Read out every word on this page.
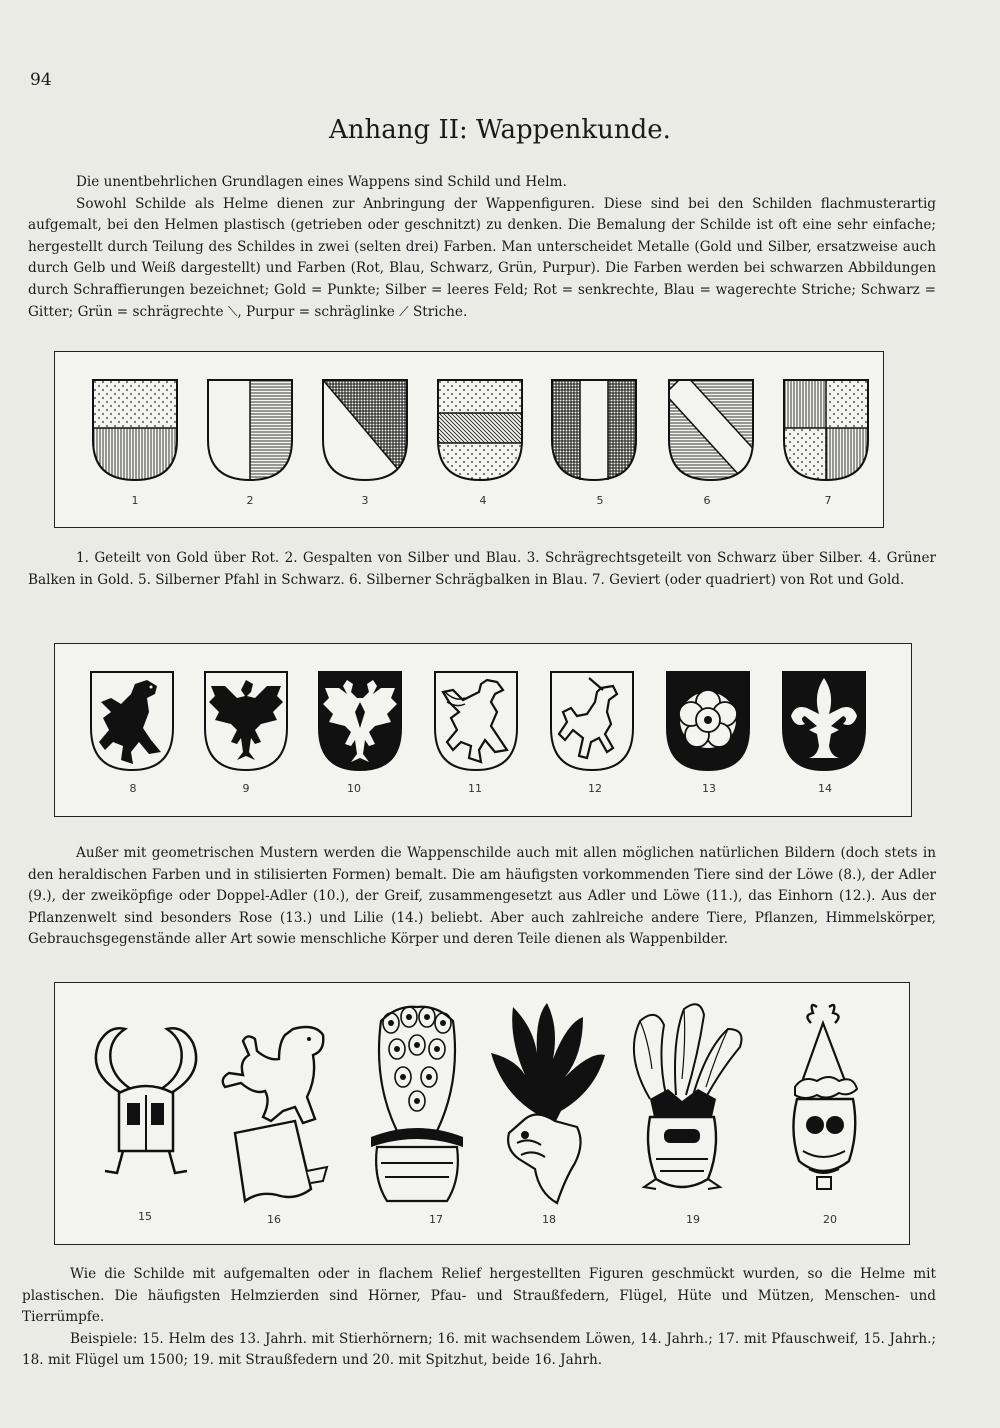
94
Anhang II: Wappenkunde.

Die unentbehrlichen Grundlagen eines Wappens sind Schild und Helm.

Sowohl Schilde als Helme dienen zur Anbringung der Wappenfiguren. Diese sind bei den Schilden flachmusterartig aufgemalt, bei den Helmen plastisch (getrieben oder geschnitzt) zu denken. Die Bemalung der Schilde ist oft eine sehr einfache; hergestellt durch Teilung des Schildes in zwei (selten drei) Farben. Man unterscheidet Metalle (Gold und Silber, ersatzweise auch durch Gelb und Weiß dargestellt) und Farben (Rot, Blau, Schwarz, Grün, Purpur). Die Farben werden bei schwarzen Abbildungen durch Schraffierungen bezeichnet; Gold = Punkte; Silber = leeres Feld; Rot = senkrechte, Blau = wagerechte Striche; Schwarz = Gitter; Grün = schrägrechte ⟍, Purpur = schräglinke ⟋ Striche.

1	2	3	4	5	6	7

1. Geteilt von Gold über Rot. 2. Gespalten von Silber und Blau. 3. Schrägrechtsgeteilt von Schwarz über Silber. 4. Grüner Balken in Gold. 5. Silberner Pfahl in Schwarz. 6. Silberner Schrägbalken in Blau. 7. Geviert (oder quadriert) von Rot und Gold.

8	9	10	11	12	13	14

Außer mit geometrischen Mustern werden die Wappenschilde auch mit allen möglichen natürlichen Bildern (doch stets in den heraldischen Farben und in stilisierten Formen) bemalt. Die am häufigsten vorkommenden Tiere sind der Löwe (8.), der Adler (9.), der zweiköpfige oder Doppel-Adler (10.), der Greif, zusammengesetzt aus Adler und Löwe (11.), das Einhorn (12.). Aus der Pflanzenwelt sind besonders Rose (13.) und Lilie (14.) beliebt. Aber auch zahlreiche andere Tiere, Pflanzen, Himmelskörper, Gebrauchsgegenstände aller Art sowie menschliche Körper und deren Teile dienen als Wappenbilder.

15	16	17	18	19	20

Wie die Schilde mit aufgemalten oder in flachem Relief hergestellten Figuren geschmückt wurden, so die Helme mit plastischen. Die häufigsten Helmzierden sind Hörner, Pfau- und Straußfedern, Flügel, Hüte und Mützen, Menschen- und Tierrümpfe.

Beispiele: 15. Helm des 13. Jahrh. mit Stierhörnern; 16. mit wachsendem Löwen, 14. Jahrh.; 17. mit Pfauschweif, 15. Jahrh.; 18. mit Flügel um 1500; 19. mit Straußfedern und 20. mit Spitzhut, beide 16. Jahrh.
